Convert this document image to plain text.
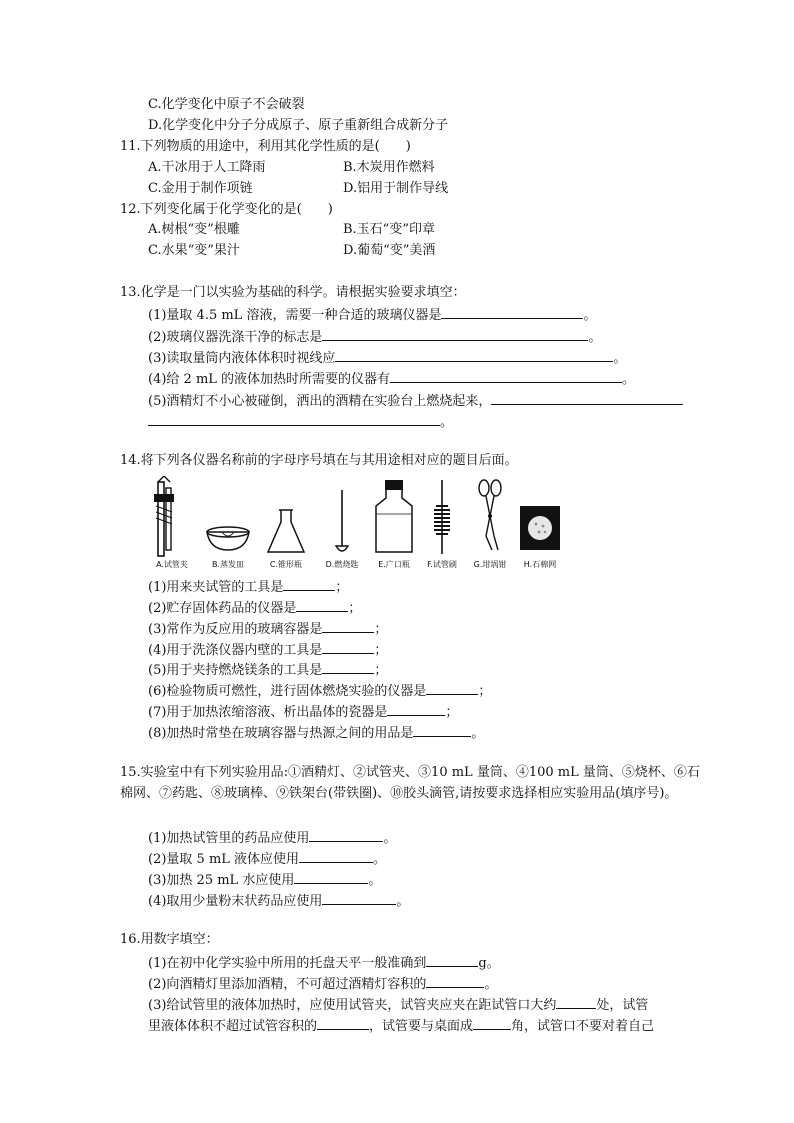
C.化学变化中原子不会破裂
D.化学变化中分子分成原子、原子重新组合成新分子
11.下列物质的用途中，利用其化学性质的是(　　)
A.干冰用于人工降雨	B.木炭用作燃料
C.金用于制作项链	D.铝用于制作导线
12.下列变化属于化学变化的是(　　)
A.树根“变”根雕	B.玉石“变”印章
C.水果“变”果汁	D.葡萄“变”美酒
13.化学是一门以实验为基础的科学。请根据实验要求填空：
(1)量取 4.5 mL 溶液，需要一种合适的玻璃仪器是	。
(2)玻璃仪器洗涤干净的标志是	。
(3)读取量筒内液体体积时视线应	。
(4)给 2 mL 的液体加热时所需要的仪器有	。
(5)酒精灯不小心被碰倒，洒出的酒精在实验台上燃烧起来，
。
14.将下列各仪器名称前的字母序号填在与其用途相对应的题目后面。
A.试管夹	B.蒸发皿	C.锥形瓶	D.燃烧匙	E.广口瓶	F.试管刷	G.坩埚钳	H.石棉网
(1)用来夹试管的工具是	；
(2)贮存固体药品的仪器是	；
(3)常作为反应用的玻璃容器是	；
(4)用于洗涤仪器内壁的工具是	；
(5)用于夹持燃烧镁条的工具是	；
(6)检验物质可燃性，进行固体燃烧实验的仪器是	；
(7)用于加热浓缩溶液、析出晶体的瓷器是	；
(8)加热时常垫在玻璃容器与热源之间的用品是	。
15.实验室中有下列实验用品:①酒精灯、②试管夹、③10 mL 量筒、④100 mL 量筒、⑤烧杯、⑥石棉网、⑦药匙、⑧玻璃棒、⑨铁架台(带铁圈)、⑩胶头滴管,请按要求选择相应实验用品(填序号)。
(1)加热试管里的药品应使用	。
(2)量取 5 mL 液体应使用	。
(3)加热 25 mL 水应使用	。
(4)取用少量粉末状药品应使用	。
16.用数字填空：
(1)在初中化学实验中所用的托盘天平一般准确到	g。
(2)向酒精灯里添加酒精，不可超过酒精灯容积的	。
(3)给试管里的液体加热时，应使用试管夹，试管夹应夹在距试管口大约	处，试管
里液体体积不超过试管容积的	，试管要与桌面成	角，试管口不要对着自己
